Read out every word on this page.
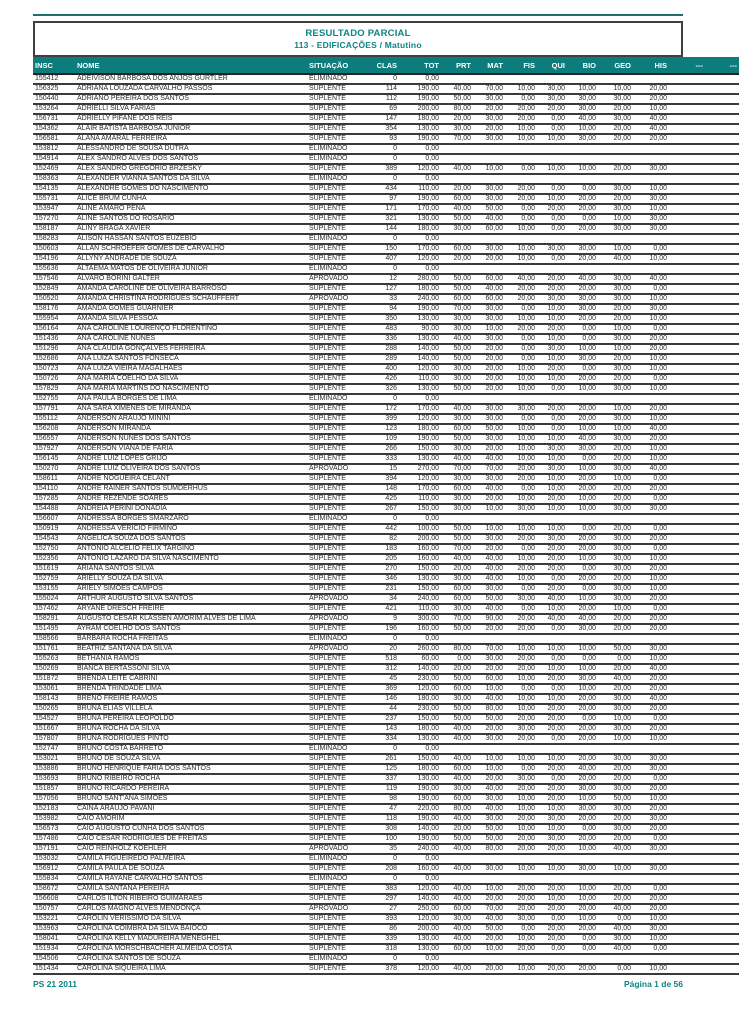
RESULTADO PARCIAL
113 - EDIFICAÇÕES / Matutino
INSC	NOME	SITUAÇÃO	CLAS	TOT	PRT	MAT	FIS	QUI	BIO	GEO	HIS	---	---
155412	ADEIVISON BARBOSA DOS ANJOS GURTLER	ELIMINADO	0	0,00									
156325	ADRIANA LOUZADA CARVALHO PASSOS	SUPLENTE	114	190,00	40,00	70,00	10,00	30,00	10,00	10,00	20,00		
150440	ADRIANO PEREIRA DOS SANTOS	SUPLENTE	112	190,00	50,00	30,00	0,00	30,00	30,00	30,00	20,00		
153264	ADRIELLI SILVA FARIAS	SUPLENTE	69	200,00	80,00	20,00	20,00	20,00	30,00	20,00	10,00		
156731	ADRIELLY PIFANE DOS REIS	SUPLENTE	147	180,00	20,00	30,00	20,00	0,00	40,00	30,00	40,00		
154362	ALAIR BATISTA BARBOSA JUNIOR	SUPLENTE	354	130,00	30,00	20,00	10,00	0,00	10,00	20,00	40,00		
156581	ALANA AMARAL FERREIRA	SUPLENTE	93	190,00	70,00	30,00	10,00	10,00	30,00	20,00	20,00		
153812	ALESSANDRO DE SOUSA DUTRA	ELIMINADO	0	0,00									
154914	ALEX SANDRO ALVES DOS SANTOS	ELIMINADO	0	0,00									
152469	ALEX SANDRO GREGÓRIO BRZESKY	SUPLENTE	389	120,00	40,00	10,00	0,00	10,00	10,00	20,00	30,00		
158363	ALEXANDER VIANNA SANTOS DA SILVA	ELIMINADO	0	0,00									
154135	ALEXANDRE GOMES DO NASCIMENTO	SUPLENTE	434	110,00	20,00	30,00	20,00	0,00	0,00	30,00	10,00		
155731	ALICE BRUM CUNHA	SUPLENTE	97	190,00	60,00	30,00	20,00	10,00	20,00	20,00	30,00		
153947	ALINE AMARO PENA	SUPLENTE	171	170,00	40,00	50,00	0,00	20,00	20,00	30,00	10,00		
157270	ALINE SANTOS DO ROSARIO	SUPLENTE	321	130,00	50,00	40,00	0,00	0,00	0,00	10,00	30,00		
158187	ALINY BRAGA XAVIER	SUPLENTE	144	180,00	30,00	60,00	10,00	0,00	20,00	30,00	30,00		
158283	ALISON HASSAN SANTOS EUZEBIO	ELIMINADO	0	0,00									
150603	ALLAN SCHROEFER GOMES DE CARVALHO	SUPLENTE	150	170,00	60,00	30,00	10,00	30,00	30,00	10,00	0,00		
154196	ALLYNY ANDRADE DE SOUZA	SUPLENTE	407	120,00	20,00	20,00	10,00	0,00	20,00	40,00	10,00		
155636	ALTAEMA MATOS DE OLIVEIRA JUNIOR	ELIMINADO	0	0,00									
157546	ALVARO BORINI GALTER	APROVADO	12	280,00	50,00	60,00	40,00	20,00	40,00	30,00	40,00		
152849	AMANDA CAROLINE DE OLIVEIRA BARROSO	SUPLENTE	127	180,00	50,00	40,00	20,00	20,00	20,00	30,00	0,00		
150520	AMANDA CHRISTINA RODRIGUES SCHAUFFERT	APROVADO	33	240,00	60,00	60,00	20,00	30,00	30,00	30,00	10,00		
158176	AMANDA GOMES GUARNIER	SUPLENTE	94	190,00	70,00	30,00	0,00	10,00	30,00	20,00	30,00		
155954	AMANDA SILVA PESSOA	SUPLENTE	350	130,00	30,00	30,00	10,00	10,00	20,00	20,00	10,00		
156164	ANA CAROLINE LOURENÇO FLORENTINO	SUPLENTE	483	90,00	30,00	10,00	20,00	20,00	0,00	10,00	0,00		
151436	ANA CAROLINE NUNES	SUPLENTE	336	130,00	40,00	30,00	0,00	10,00	0,00	30,00	20,00		
151296	ANA CLAUDIA GONÇALVES FERREIRA	SUPLENTE	288	140,00	50,00	20,00	0,00	30,00	10,00	10,00	20,00		
152686	ANA LUIZA SANTOS FONSECA	SUPLENTE	289	140,00	50,00	20,00	0,00	10,00	30,00	20,00	10,00		
150723	ANA LUIZA VIEIRA MAGALHÃES	SUPLENTE	400	120,00	30,00	20,00	10,00	20,00	0,00	30,00	10,00		
150726	ANA MARIA COELHO DA SILVA	SUPLENTE	426	110,00	30,00	20,00	10,00	10,00	20,00	20,00	0,00		
157829	ANA MARIA MARTINS DO NASCIMENTO	SUPLENTE	326	130,00	50,00	20,00	10,00	0,00	10,00	30,00	10,00		
152755	ANA PAULA BORGES DE LIMA	ELIMINADO	0	0,00									
157791	ANA SARA XIMENES DE MIRANDA	SUPLENTE	172	170,00	40,00	30,00	30,00	20,00	20,00	10,00	20,00		
155112	ANDERSON ARAUJO MININI	SUPLENTE	399	120,00	30,00	30,00	0,00	0,00	20,00	30,00	10,00		
156208	ANDERSON MIRANDA	SUPLENTE	123	180,00	60,00	50,00	10,00	0,00	10,00	10,00	40,00		
156557	ANDERSON NUNES DOS SANTOS	SUPLENTE	109	190,00	50,00	30,00	10,00	10,00	40,00	30,00	20,00		
157927	ANDERSON VIANA DE FARIA	SUPLENTE	266	150,00	30,00	20,00	10,00	30,00	30,00	20,00	10,00		
156145	ANDRÉ LUIZ LOPES GRIJÓ	SUPLENTE	333	130,00	40,00	40,00	10,00	10,00	0,00	20,00	10,00		
150270	ANDRÉ LUIZ OLIVEIRA DOS SANTOS	APROVADO	15	270,00	70,00	70,00	20,00	30,00	10,00	30,00	40,00		
158611	ANDRE NOGUEIRA CELANT	SUPLENTE	394	120,00	30,00	30,00	20,00	10,00	20,00	10,00	0,00		
154110	ANDRE RAINER SANTOS SUMDERHUS	SUPLENTE	148	170,00	60,00	40,00	0,00	10,00	20,00	20,00	20,00		
157285	ANDRÉ REZENDE SOARES	SUPLENTE	425	110,00	30,00	20,00	10,00	20,00	10,00	20,00	0,00		
154488	ANDRÉIA PERINI DONADIA	SUPLENTE	267	150,00	30,00	10,00	30,00	10,00	10,00	30,00	30,00		
156607	ANDRESSA BORGES SMARZARO	ELIMINADO	0	0,00									
150919	ANDRESSA VERICIO FIRMINO	SUPLENTE	442	100,00	50,00	10,00	10,00	10,00	0,00	20,00	0,00		
154543	ANGÉLICA SOUZA DOS SANTOS	SUPLENTE	82	200,00	50,00	30,00	20,00	30,00	20,00	30,00	20,00		
152750	ANTONIO ALCÉLIO FELIX TARGINO	SUPLENTE	183	160,00	70,00	20,00	0,00	20,00	20,00	30,00	0,00		
152356	ANTONIO LAZARO DA SILVA NASCIMENTO	SUPLENTE	205	160,00	40,00	40,00	10,00	20,00	10,00	30,00	10,00		
151619	ARIANA SANTOS SILVA	SUPLENTE	270	150,00	20,00	40,00	20,00	20,00	0,00	30,00	20,00		
152759	ARIELLY SOUZA DA SILVA	SUPLENTE	346	130,00	30,00	40,00	10,00	0,00	20,00	20,00	10,00		
153155	ARIELY SIMÕES CAMPOS	SUPLENTE	231	150,00	60,00	30,00	0,00	20,00	0,00	30,00	10,00		
155024	ARTHUR AUGUSTO SILVA SANTOS	APROVADO	34	240,00	60,00	50,00	30,00	40,00	10,00	30,00	20,00		
157462	ARYANE DRESCH FREIRE	SUPLENTE	421	110,00	30,00	40,00	0,00	10,00	20,00	10,00	0,00		
158291	AUGUSTO CÉSAR KLASSEN AMORIM ALVES DE LIMA	APROVADO	9	300,00	70,00	90,00	20,00	40,00	40,00	20,00	20,00		
151495	AYRAM COELHO DOS SANTOS	SUPLENTE	196	160,00	50,00	20,00	20,00	0,00	30,00	20,00	20,00		
158566	BÁRBARA ROCHA FREITAS	ELIMINADO	0	0,00									
151761	BEATRIZ SANTANA DA SILVA	APROVADO	20	260,00	80,00	70,00	10,00	10,00	10,00	50,00	30,00		
155263	BETHANIA RAMOS	SUPLENTE	518	60,00	0,00	30,00	20,00	0,00	0,00	0,00	10,00		
150269	BIANCA BERTASSONI SILVA	SUPLENTE	312	140,00	20,00	20,00	20,00	10,00	10,00	20,00	40,00		
151872	BRENDA LEITE CABRINI	SUPLENTE	45	230,00	50,00	60,00	10,00	20,00	30,00	40,00	20,00		
153061	BRENDA TRINDADE LIMA	SUPLENTE	369	120,00	60,00	10,00	0,00	0,00	10,00	20,00	20,00		
158143	BRENO FREIRE RAMOS	SUPLENTE	146	180,00	30,00	40,00	10,00	10,00	20,00	30,00	40,00		
150265	BRUNA ELIAS VILLELA	SUPLENTE	44	230,00	50,00	80,00	10,00	20,00	20,00	30,00	20,00		
154527	BRUNA PEREIRA LEOPOLDO	SUPLENTE	237	150,00	50,00	50,00	20,00	20,00	0,00	10,00	0,00		
151667	BRUNA ROCHA DA SILVA	SUPLENTE	143	180,00	40,00	20,00	30,00	20,00	20,00	30,00	20,00		
157807	BRUNA RODRIGUES PINTO	SUPLENTE	334	130,00	40,00	30,00	20,00	0,00	20,00	10,00	10,00		
152747	BRUNO COSTA BARRETO	ELIMINADO	0	0,00									
153021	BRUNO DE SOUZA SILVA	SUPLENTE	261	150,00	40,00	10,00	10,00	10,00	20,00	30,00	30,00		
153886	BRUNO HENRIQUE FARIA DOS SANTOS	SUPLENTE	125	180,00	60,00	10,00	0,00	20,00	40,00	20,00	30,00		
153693	BRUNO RIBEIRO ROCHA	SUPLENTE	337	130,00	40,00	20,00	30,00	0,00	20,00	20,00	0,00		
151857	BRUNO RICARDO PEREIRA	SUPLENTE	119	190,00	30,00	40,00	20,00	20,00	30,00	30,00	20,00		
157056	BRUNO SANT'ANA SIMÕES	SUPLENTE	98	190,00	60,00	30,00	10,00	20,00	10,00	50,00	10,00		
152183	CAINÃ ARAUJO PAVANI	SUPLENTE	47	220,00	80,00	40,00	10,00	10,00	30,00	30,00	20,00		
153982	CAIO AMORIM	SUPLENTE	118	190,00	40,00	30,00	20,00	30,00	20,00	20,00	30,00		
156573	CAIO AUGUSTO CUNHA DOS SANTOS	SUPLENTE	308	140,00	20,00	50,00	10,00	10,00	0,00	30,00	20,00		
157486	CAIO CÉSAR RODRIGUES DE FREITAS	SUPLENTE	100	190,00	50,00	50,00	20,00	30,00	20,00	20,00	0,00		
157191	CAIO REINHOLZ KOEHLER	APROVADO	35	240,00	40,00	80,00	20,00	20,00	10,00	40,00	30,00		
153032	CAMILA FIGUEIREDO PALMEIRA	ELIMINADO	0	0,00									
156912	CAMILA PAULA DE SOUZA	SUPLENTE	208	160,00	40,00	30,00	10,00	10,00	30,00	10,00	30,00		
155834	CAMILA RAYANE CARVALHO SANTOS	ELIMINADO	0	0,00									
158672	CAMILA SANTANA PEREIRA	SUPLENTE	383	120,00	40,00	10,00	20,00	20,00	10,00	20,00	0,00		
156608	CARLOS ILTON RIBEIRO GUIMARAES	SUPLENTE	297	140,00	40,00	20,00	20,00	10,00	10,00	20,00	20,00		
150757	CARLOS MAGNO ALVES MENDONÇA	APROVADO	27	250,00	60,00	70,00	20,00	20,00	20,00	40,00	20,00		
153221	CAROLIN VERISSIMO DA SILVA	SUPLENTE	393	120,00	30,00	40,00	30,00	0,00	10,00	0,00	10,00		
153963	CAROLINA COIMBRA DA SILVA BAIOCO	SUPLENTE	86	200,00	40,00	50,00	0,00	20,00	20,00	40,00	30,00		
158041	CAROLINA KELLY MADUREIRA MENEGHEL	SUPLENTE	339	130,00	40,00	20,00	10,00	20,00	0,00	30,00	10,00		
151934	CAROLINA MORSCHBACHER ALMEIDA COSTA	SUPLENTE	318	130,00	60,00	10,00	20,00	0,00	0,00	40,00	0,00		
154506	CAROLINA SANTOS DE SOUZA	ELIMINADO	0	0,00									
151434	CAROLINA SIQUEIRA LIMA	SUPLENTE	378	120,00	40,00	20,00	10,00	20,00	20,00	0,00	10,00		
PS 21 2011	Página 1 de 56
